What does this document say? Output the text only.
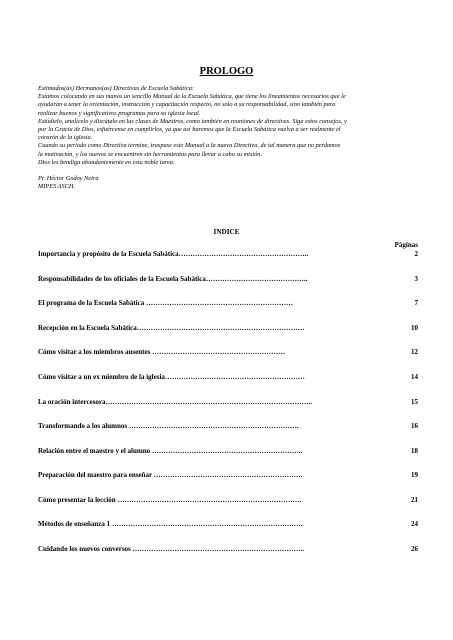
PROLOGO

Estimados(as) Hermanos(as) Directivas de Escuela Sabática:

Estamos colocando en sus manos un sencillo Manual de la Escuela Sabática, que tiene los lineamientos necesarios que le

ayudarán a tener la orientación, instrucción y capacitación respecto, no solo a su responsabilidad, sino también para

realizar buenos y significativos programas para su iglesia local.

Estúdielo, analícelo y discútalo en las clases de Maestros, como también en reuniones de directivas. Siga estos consejos, y

por la Gracia de Dios, esfuércense en cumplirlos, ya que así haremos que la Escuela Sabática vuelva a ser realmente el

corazón de la iglesia.

Cuando su periodo como Directiva termine, traspase este Manual a la nueva Directiva, de tal manera que no perdamos

la motivación, y los nuevos se encuentren sin herramientas para llevar a cabo su misión.

Dios les bendiga abundantemente en esta noble tarea.

Pr. Héctor Godoy Neira

MIPES ASCH.

INDICE
Páginas
Importancia y propósito de la Escuela Sabática………………………………………………..	2
Responsabilidades de los oficiales de la Escuela Sabática……………………………………..	3
El programa de la Escuela Sabática ………………………………………………………	7
Recepción en la Escuela Sabática………………………………………………………………	10
Cómo visitar a los miembros ausentes …………………………………………………	12
Cómo visitar a un ex miembro de la iglesia……………………………………………………	14
La oración intercesora……………………………………………………………………………..	15
Transformando a los alumnos ……………………………………………………………….	16
Relación entre el maestro y el alumno ………………………………………………………..	18
Preparación del maestro para enseñar ……………………………………………………….	19
Cómo presentar la lección …………………………………………………………………….	21
Métodos de enseñanza 1 ……………………………………………………………………….	24
Cuidando los nuevos conversos ………………………………………………………………..	26
